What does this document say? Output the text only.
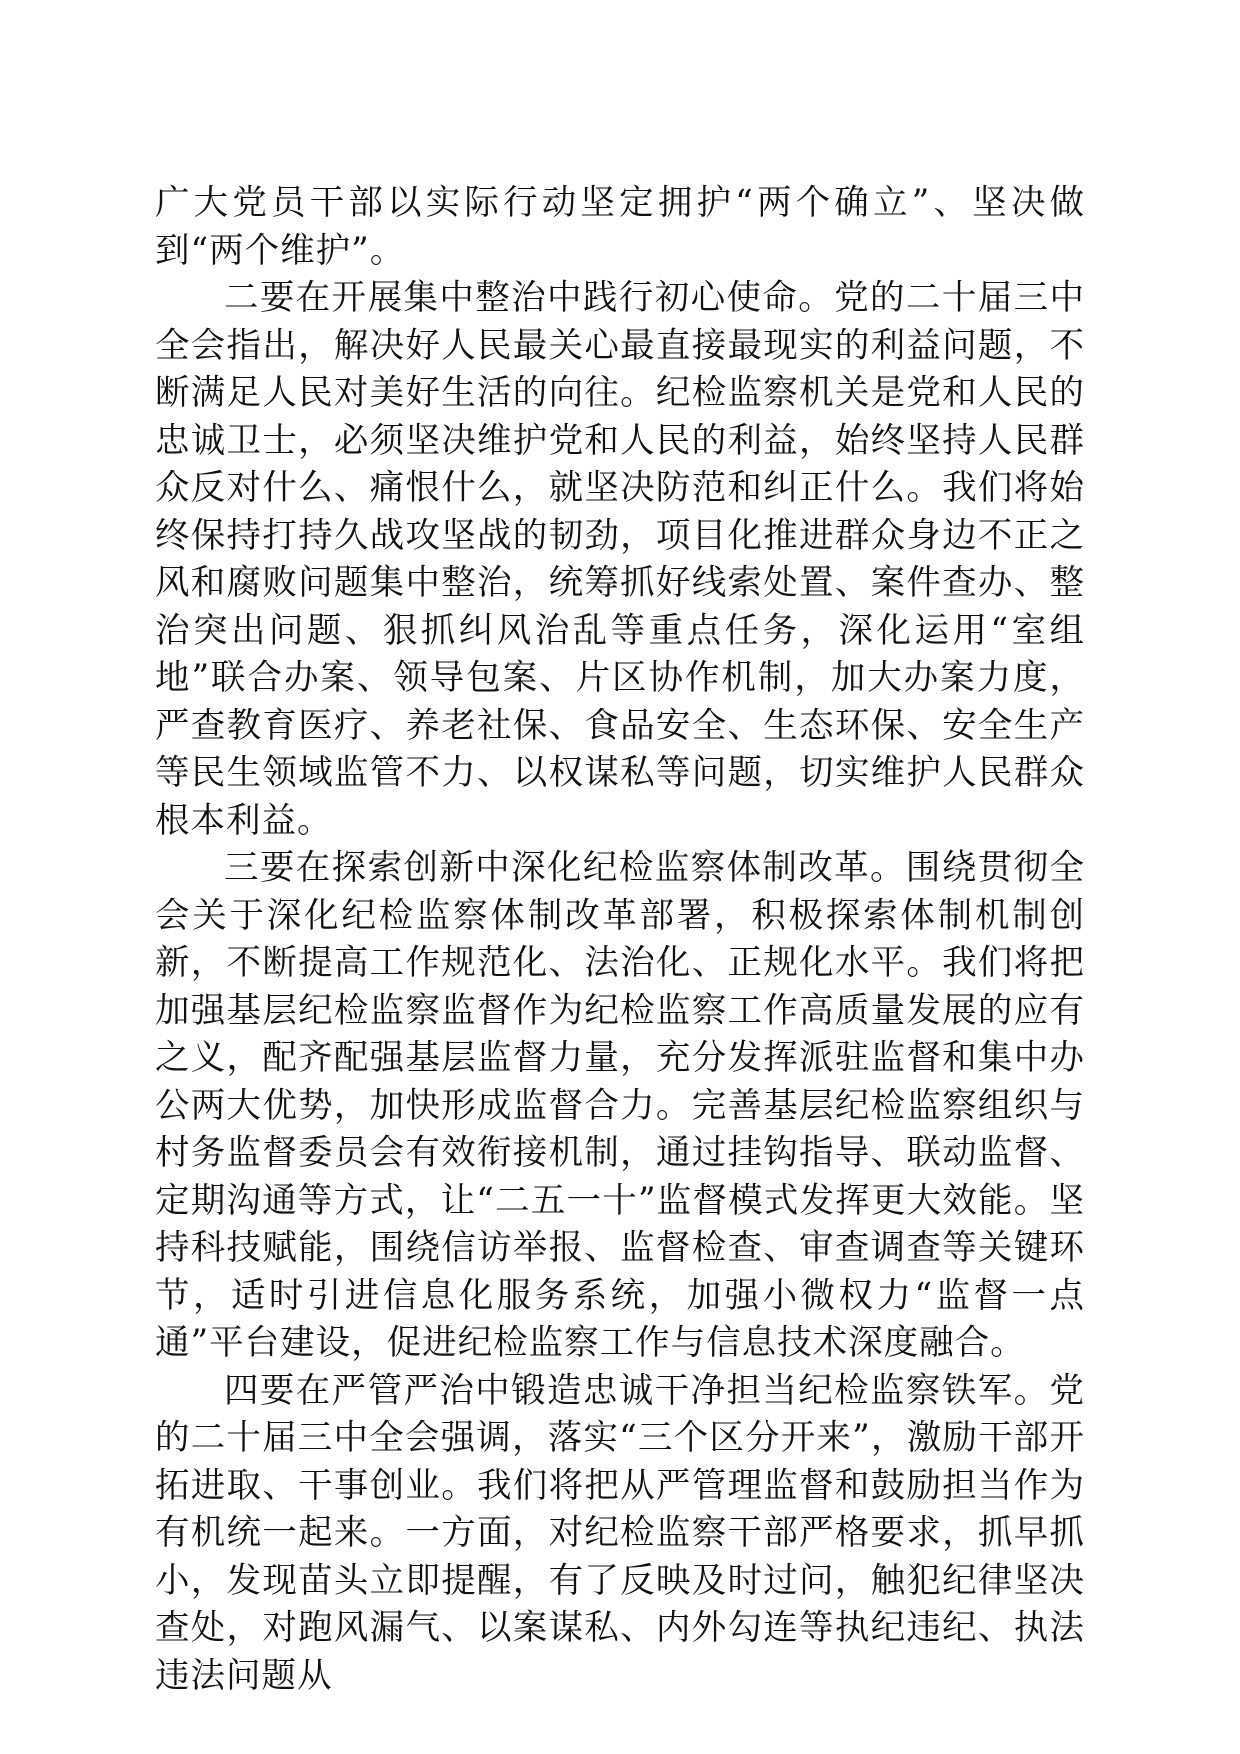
广大党员干部以实际行动坚定拥护“两个确立”、坚决做到“两个维护”。

二要在开展集中整治中践行初心使命。党的二十届三中全会指出，解决好人民最关心最直接最现实的利益问题，不断满足人民对美好生活的向往。纪检监察机关是党和人民的忠诚卫士，必须坚决维护党和人民的利益，始终坚持人民群众反对什么、痛恨什么，就坚决防范和纠正什么。我们将始终保持打持久战攻坚战的韧劲，项目化推进群众身边不正之风和腐败问题集中整治，统筹抓好线索处置、案件查办、整治突出问题、狠抓纠风治乱等重点任务，深化运用“室组地”联合办案、领导包案、片区协作机制，加大办案力度，严查教育医疗、养老社保、食品安全、生态环保、安全生产等民生领域监管不力、以权谋私等问题，切实维护人民群众根本利益。

三要在探索创新中深化纪检监察体制改革。围绕贯彻全会关于深化纪检监察体制改革部署，积极探索体制机制创新，不断提高工作规范化、法治化、正规化水平。我们将把加强基层纪检监察监督作为纪检监察工作高质量发展的应有之义，配齐配强基层监督力量，充分发挥派驻监督和集中办公两大优势，加快形成监督合力。完善基层纪检监察组织与村务监督委员会有效衔接机制，通过挂钩指导、联动监督、定期沟通等方式，让“二五一十”监督模式发挥更大效能。坚持科技赋能，围绕信访举报、监督检查、审查调查等关键环节，适时引进信息化服务系统，加强小微权力“监督一点通”平台建设，促进纪检监察工作与信息技术深度融合。

四要在严管严治中锻造忠诚干净担当纪检监察铁军。党的二十届三中全会强调，落实“三个区分开来”，激励干部开拓进取、干事创业。我们将把从严管理监督和鼓励担当作为有机统一起来。一方面，对纪检监察干部严格要求，抓早抓小，发现苗头立即提醒，有了反映及时过问，触犯纪律坚决查处，对跑风漏气、以案谋私、内外勾连等执纪违纪、执法违法问题从
